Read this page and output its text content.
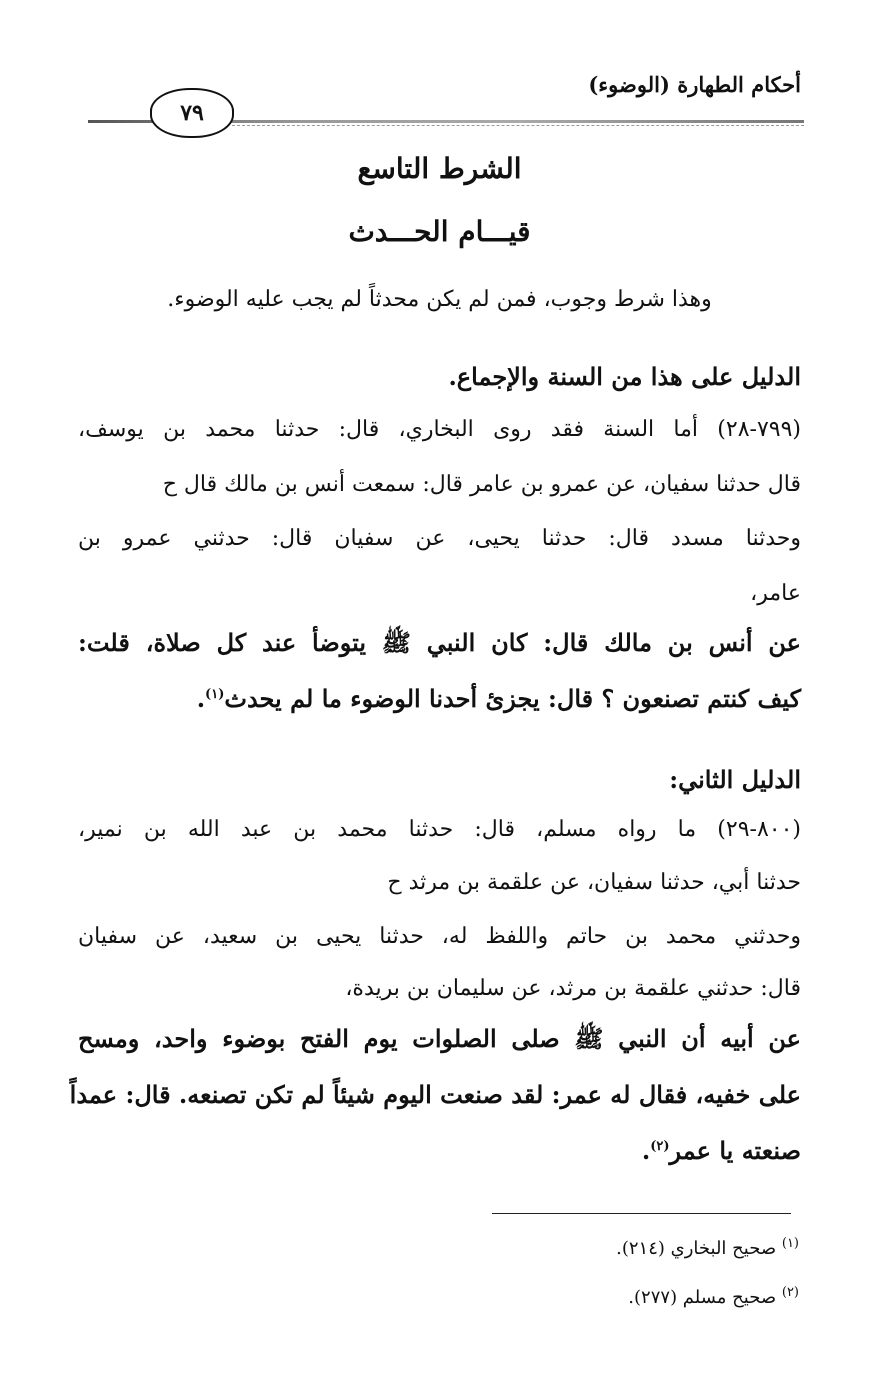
أحكام الطهارة (الوضوء)
٧٩
الشرط التاسع
قيـــام الحـــدث
وهذا شرط وجوب، فمن لم يكن محدثاً لم يجب عليه الوضوء.
الدليل على هذا من السنة والإجماع.
(٧٩٩-٢٨) أما السنة فقد روى البخاري، قال: حدثنا محمد بن يوسف،
قال حدثنا سفيان، عن عمرو بن عامر قال: سمعت أنس بن مالك قال ح
وحدثنا مسدد قال: حدثنا يحيى، عن سفيان قال: حدثني عمرو بن
عامر،
عن أنس بن مالك قال: كان النبي ﷺ يتوضأ عند كل صلاة، قلت:
كيف كنتم تصنعون ؟ قال: يجزئ أحدنا الوضوء ما لم يحدث$^{(١)}$.
الدليل الثاني:
(٨٠٠-٢٩) ما رواه مسلم، قال: حدثنا محمد بن عبد الله بن نمير،
حدثنا أبي، حدثنا سفيان، عن علقمة بن مرثد ح
وحدثني محمد بن حاتم واللفظ له، حدثنا يحيى بن سعيد، عن سفيان
قال: حدثني علقمة بن مرثد، عن سليمان بن بريدة،
عن أبيه أن النبي ﷺ صلى الصلوات يوم الفتح بوضوء واحد، ومسح
على خفيه، فقال له عمر: لقد صنعت اليوم شيئاً لم تكن تصنعه. قال: عمداً
صنعته يا عمر$^{(٢)}$.
$^{(١)}$ صحيح البخاري (٢١٤).
$^{(٢)}$ صحيح مسلم (٢٧٧).
